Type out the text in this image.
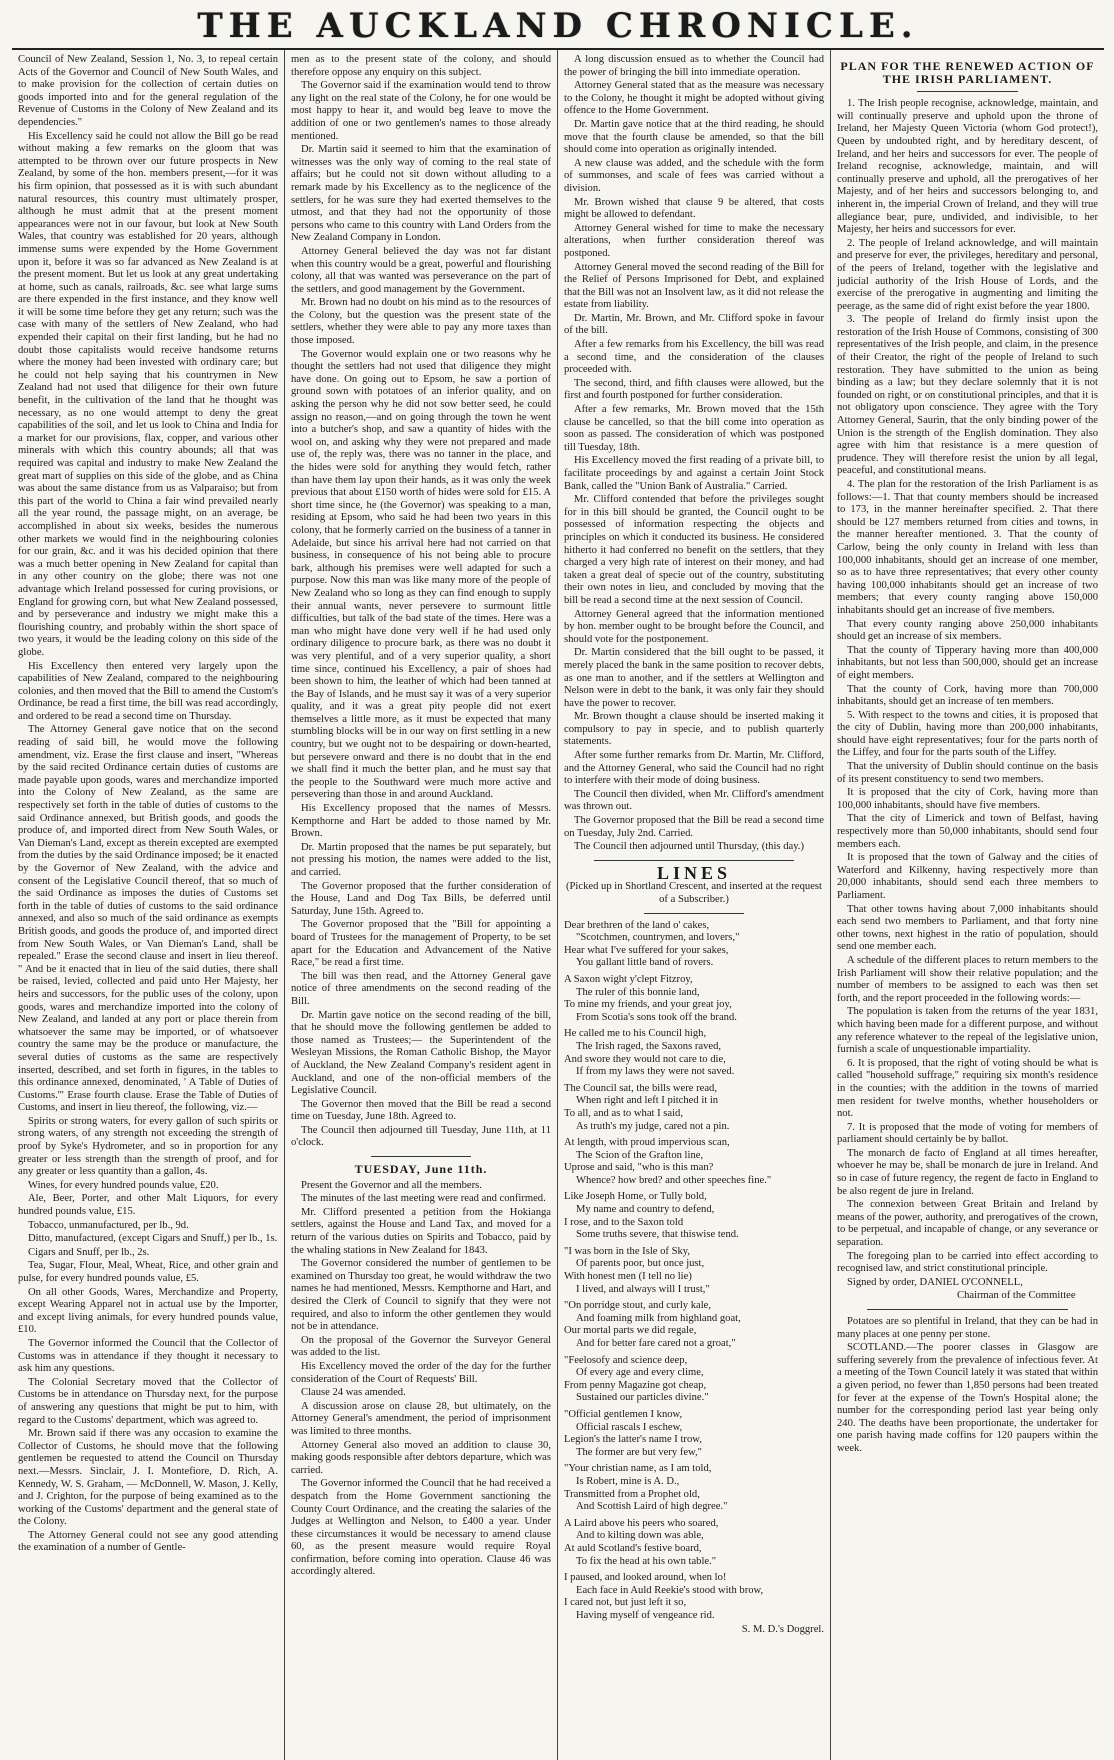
THE AUCKLAND CHRONICLE.

Council of New Zealand, Session 1, No. 3, to repeal certain Acts of the Governor and Council of New South Wales, and to make provision for the collection of certain duties on goods imported into and for the general regulation of the Revenue of Customs in the Colony of New Zealand and its dependencies."

His Excellency said he could not allow the Bill go be read without making a few remarks on the gloom that was attempted to be thrown over our future prospects in New Zealand, by some of the hon. members present,—for it was his firm opinion, that possessed as it is with such abundant natural resources, this country must ultimately prosper, although he must admit that at the present moment appearances were not in our favour, but look at New South Wales, that country was established for 20 years, although immense sums were expended by the Home Government upon it, before it was so far advanced as New Zealand is at the present moment. But let us look at any great undertaking at home, such as canals, railroads, &c. see what large sums are there expended in the first instance, and they know well it will be some time before they get any return; such was the case with many of the settlers of New Zealand, who had expended their capital on their first landing, but he had no doubt those capitalists would receive handsome returns where the money had been invested with ordinary care; but he could not help saying that his countrymen in New Zealand had not used that diligence for their own future benefit, in the cultivation of the land that he thought was necessary, as no one would attempt to deny the great capabilities of the soil, and let us look to China and India for a market for our provisions, flax, copper, and various other minerals with which this country abounds; all that was required was capital and industry to make New Zealand the great mart of supplies on this side of the globe, and as China was about the same distance from us as Valparaiso; but from this part of the world to China a fair wind prevailed nearly all the year round, the passage might, on an average, be accomplished in about six weeks, besides the numerous other markets we would find in the neighbouring colonies for our grain, &c. and it was his decided opinion that there was a much better opening in New Zealand for capital than in any other country on the globe; there was not one advantage which Ireland possessed for curing provisions, or England for growing corn, but what New Zealand possessed, and by perseverance and industry we might make this a flourishing country, and probably within the short space of two years, it would be the leading colony on this side of the globe.

His Excellency then entered very largely upon the capabilities of New Zealand, compared to the neighbouring colonies, and then moved that the Bill to amend the Custom's Ordinance, be read a first time, the bill was read accordingly, and ordered to be read a second time on Thursday.

The Attorney General gave notice that on the second reading of said bill, he would move the following amendment, viz. Erase the first clause and insert, "Whereas by the said recited Ordinance certain duties of customs are made payable upon goods, wares and merchandize imported into the Colony of New Zealand, as the same are respectively set forth in the table of duties of customs to the said Ordinance annexed, but British goods, and goods the produce of, and imported direct from New South Wales, or Van Dieman's Land, except as therein excepted are exempted from the duties by the said Ordinance imposed; be it enacted by the Governor of New Zealand, with the advice and consent of the Legislative Council thereof, that so much of the said Ordinance as imposes the duties of Customs set forth in the table of duties of customs to the said ordinance annexed, and also so much of the said ordinance as exempts British goods, and goods the produce of, and imported direct from New South Wales, or Van Dieman's Land, shall be repealed." Erase the second clause and insert in lieu thereof. " And be it enacted that in lieu of the said duties, there shall be raised, levied, collected and paid unto Her Majesty, her heirs and successors, for the public uses of the colony, upon goods, wares and merchandize imported into the colony of New Zealand, and landed at any port or place therein from whatsoever the same may be imported, or of whatsoever country the same may be the produce or manufacture, the several duties of customs as the same are respectively inserted, described, and set forth in figures, in the tables to this ordinance annexed, denominated, ' A Table of Duties of Customs.'" Erase fourth clause. Erase the Table of Duties of Customs, and insert in lieu thereof, the following, viz.—

Spirits or strong waters, for every gallon of such spirits or strong waters, of any strength not exceeding the strength of proof by Syke's Hydrometer, and so in proportion for any greater or less strength than the strength of proof, and for any greater or less quantity than a gallon, 4s.

Wines, for every hundred pounds value, £20.

Ale, Beer, Porter, and other Malt Liquors, for every hundred pounds value, £15.

Tobacco, unmanufactured, per lb., 9d.

Ditto, manufactured, (except Cigars and Snuff,) per lb., 1s.

Cigars and Snuff, per lb., 2s.

Tea, Sugar, Flour, Meal, Wheat, Rice, and other grain and pulse, for every hundred pounds value, £5.

On all other Goods, Wares, Merchandize and Property, except Wearing Apparel not in actual use by the Importer, and except living animals, for every hundred pounds value, £10.

The Governor informed the Council that the Collector of Customs was in attendance if they thought it necessary to ask him any questions.

The Colonial Secretary moved that the Collector of Customs be in attendance on Thursday next, for the purpose of answering any questions that might be put to him, with regard to the Customs' department, which was agreed to.

Mr. Brown said if there was any occasion to examine the Collector of Customs, he should move that the following gentlemen be requested to attend the Council on Thursday next.—Messrs. Sinclair, J. I. Montefiore, D. Rich, A. Kennedy, W. S. Graham, — McDonnell, W. Mason, J. Kelly, and J. Crighton, for the purpose of being examined as to the working of the Customs' department and the general state of the Colony.

The Attorney General could not see any good attending the examination of a number of Gentle-

men as to the present state of the colony, and should therefore oppose any enquiry on this subject.

The Governor said if the examination would tend to throw any light on the real state of the Colony, he for one would be most happy to hear it, and would beg leave to move the addition of one or two gentlemen's names to those already mentioned.

Dr. Martin said it seemed to him that the examination of witnesses was the only way of coming to the real state of affairs; but he could not sit down without alluding to a remark made by his Excellency as to the neglicence of the settlers, for he was sure they had exerted themselves to the utmost, and that they had not the opportunity of those persons who came to this country with Land Orders from the New Zealand Company in London.

Attorney General believed the day was not far distant when this country would be a great, powerful and flourishing colony, all that was wanted was perseverance on the part of the settlers, and good management by the Government.

Mr. Brown had no doubt on his mind as to the resources of the Colony, but the question was the present state of the settlers, whether they were able to pay any more taxes than those imposed.

The Governor would explain one or two reasons why he thought the settlers had not used that diligence they might have done. On going out to Epsom, he saw a portion of ground sown with potatoes of an inferior quality, and on asking the person why he did not sow better seed, he could assign no reason,—and on going through the town he went into a butcher's shop, and saw a quantity of hides with the wool on, and asking why they were not prepared and made use of, the reply was, there was no tanner in the place, and the hides were sold for anything they would fetch, rather than have them lay upon their hands, as it was only the week previous that about £150 worth of hides were sold for £15. A short time since, he (the Governor) was speaking to a man, residing at Epsom, who said he had been two years in this colony, that he formerly carried on the business of a tanner in Adelaide, but since his arrival here had not carried on that business, in consequence of his not being able to procure bark, although his premises were well adapted for such a purpose. Now this man was like many more of the people of New Zealand who so long as they can find enough to supply their annual wants, never persevere to surmount little difficulties, but talk of the bad state of the times. Here was a man who might have done very well if he had used only ordinary diligence to procure bark, as there was no doubt it was very plentiful, and of a very superior quality, a short time since, continued his Excellency, a pair of shoes had been shown to him, the leather of which had been tanned at the Bay of Islands, and he must say it was of a very superior quality, and it was a great pity people did not exert themselves a little more, as it must be expected that many stumbling blocks will be in our way on first settling in a new country, but we ought not to be despairing or down-hearted, but persevere onward and there is no doubt that in the end we shall find it much the better plan, and he must say that the people to the Southward were much more active and persevering than those in and around Auckland.

His Excellency proposed that the names of Messrs. Kempthorne and Hart be added to those named by Mr. Brown.

Dr. Martin proposed that the names be put separately, but not pressing his motion, the names were added to the list, and carried.

The Governor proposed that the further consideration of the House, Land and Dog Tax Bills, be deferred until Saturday, June 15th. Agreed to.

The Governor proposed that the "Bill for appointing a board of Trustees for the management of Property, to be set apart for the Education and Advancement of the Native Race," be read a first time.

The bill was then read, and the Attorney General gave notice of three amendments on the second reading of the Bill.

Dr. Martin gave notice on the second reading of the bill, that he should move the following gentlemen be added to those named as Trustees;— the Superintendent of the Wesleyan Missions, the Roman Catholic Bishop, the Mayor of Auckland, the New Zealand Company's resident agent in Auckland, and one of the non-official members of the Legislative Council.

The Governor then moved that the Bill be read a second time on Tuesday, June 18th. Agreed to.

The Council then adjourned till Tuesday, June 11th, at 11 o'clock.

TUESDAY, June 11th.

Present the Governor and all the members.

The minutes of the last meeting were read and confirmed.

Mr. Clifford presented a petition from the Hokianga settlers, against the House and Land Tax, and moved for a return of the various duties on Spirits and Tobacco, paid by the whaling stations in New Zealand for 1843.

The Governor considered the number of gentlemen to be examined on Thursday too great, he would withdraw the two names he had mentioned, Messrs. Kempthorne and Hart, and desired the Clerk of Council to signify that they were not required, and also to inform the other gentlemen they would not be in attendance.

On the proposal of the Governor the Surveyor General was added to the list.

His Excellency moved the order of the day for the further consideration of the Court of Requests' Bill.

Clause 24 was amended.

A discussion arose on clause 28, but ultimately, on the Attorney General's amendment, the period of imprisonment was limited to three months.

Attorney General also moved an addition to clause 30, making goods responsible after debtors departure, which was carried.

The Governor informed the Council that he had received a despatch from the Home Government sanctioning the County Court Ordinance, and the creating the salaries of the Judges at Wellington and Nelson, to £400 a year. Under these circumstances it would be necessary to amend clause 60, as the present measure would require Royal confirmation, before coming into operation. Clause 46 was accordingly altered.

A long discussion ensued as to whether the Council had the power of bringing the bill into immediate operation.

Attorney General stated that as the measure was necessary to the Colony, he thought it might be adopted without giving offence to the Home Government.

Dr. Martin gave notice that at the third reading, he should move that the fourth clause be amended, so that the bill should come into operation as originally intended.

A new clause was added, and the schedule with the form of summonses, and scale of fees was carried without a division.

Mr. Brown wished that clause 9 be altered, that costs might be allowed to defendant.

Attorney General wished for time to make the necessary alterations, when further consideration thereof was postponed.

Attorney General moved the second reading of the Bill for the Relief of Persons Imprisoned for Debt, and explained that the Bill was not an Insolvent law, as it did not release the estate from liability.

Dr. Martin, Mr. Brown, and Mr. Clifford spoke in favour of the bill.

After a few remarks from his Excellency, the bill was read a second time, and the consideration of the clauses proceeded with.

The second, third, and fifth clauses were allowed, but the first and fourth postponed for further consideration.

After a few remarks, Mr. Brown moved that the 15th clause be cancelled, so that the bill come into operation as soon as passed. The consideration of which was postponed till Tuesday, 18th.

His Excellency moved the first reading of a private bill, to facilitate proceedings by and against a certain Joint Stock Bank, called the "Union Bank of Australia." Carried.

Mr. Clifford contended that before the privileges sought for in this bill should be granted, the Council ought to be possessed of information respecting the objects and principles on which it conducted its business. He considered hitherto it had conferred no benefit on the settlers, that they charged a very high rate of interest on their money, and had taken a great deal of specie out of the country, substituting their own notes in lieu, and concluded by moving that the bill be read a second time at the next session of Council.

Attorney General agreed that the information mentioned by hon. member ought to be brought before the Council, and should vote for the postponement.

Dr. Martin considered that the bill ought to be passed, it merely placed the bank in the same position to recover debts, as one man to another, and if the settlers at Wellington and Nelson were in debt to the bank, it was only fair they should have the power to recover.

Mr. Brown thought a clause should be inserted making it compulsory to pay in specie, and to publish quarterly statements.

After some further remarks from Dr. Martin, Mr. Clifford, and the Attorney General, who said the Council had no right to interfere with their mode of doing business.

The Council then divided, when Mr. Clifford's amendment was thrown out.

The Governor proposed that the Bill be read a second time on Tuesday, July 2nd. Carried.

The Council then adjourned until Thursday, (this day.)

LINES
(Picked up in Shortland Crescent, and inserted at the request of a Subscriber.)

Dear brethren of the land o' cakes,

"Scotchmen, countrymen, and lovers,"

Hear what I've suffered for your sakes,

You gallant little band of rovers.

A Saxon wight y'clept Fitzroy,

The ruler of this bonnie land,

To mine my friends, and your great joy,

From Scotia's sons took off the brand.

He called me to his Council high,

The Irish raged, the Saxons raved,

And swore they would not care to die,

If from my laws they were not saved.

The Council sat, the bills were read,

When right and left I pitched it in

To all, and as to what I said,

As truth's my judge, cared not a pin.

At length, with proud impervious scan,

The Scion of the Grafton line,

Uprose and said, "who is this man?

Whence? how bred? and other speeches fine."

Like Joseph Home, or Tully bold,

My name and country to defend,

I rose, and to the Saxon told

Some truths severe, that thiswise tend.

"I was born in the Isle of Sky,

Of parents poor, but once just,

With honest men (I tell no lie)

I lived, and always will I trust,"

"On porridge stout, and curly kale,

And foaming milk from highland goat,

Our mortal parts we did regale,

And for better fare cared not a groat,"

"Feelosofy and science deep,

Of every age and every clime,

From penny Magazine got cheap,

Sustained our particles divine."

"Official gentlemen I know,

Official rascals I eschew,

Legion's the latter's name I trow,

The former are but very few,"

"Your christian name, as I am told,

Is Robert, mine is A. D.,

Transmitted from a Prophet old,

And Scottish Laird of high degree."

A Laird above his peers who soared,

And to kilting down was able,

At auld Scotland's festive board,

To fix the head at his own table."

I paused, and looked around, when lo!

Each face in Auld Reekie's stood with brow,

I cared not, but just left it so,

Having myself of vengeance rid.

S. M. D.'s Doggrel.
PLAN FOR THE RENEWED ACTION OF THE IRISH PARLIAMENT.

1. The Irish people recognise, acknowledge, maintain, and will continually preserve and uphold upon the throne of Ireland, her Majesty Queen Victoria (whom God protect!), Queen by undoubted right, and by hereditary descent, of Ireland, and her heirs and successors for ever. The people of Ireland recognise, acknowledge, maintain, and will continually preserve and uphold, all the prerogatives of her Majesty, and of her heirs and successors belonging to, and inherent in, the imperial Crown of Ireland, and they will true allegiance bear, pure, undivided, and indivisible, to her Majesty, her heirs and successors for ever.

2. The people of Ireland acknowledge, and will maintain and preserve for ever, the privileges, hereditary and personal, of the peers of Ireland, together with the legislative and judicial authority of the Irish House of Lords, and the exercise of the prerogative in augmenting and limiting the peerage, as the same did of right exist before the year 1800.

3. The people of Ireland do firmly insist upon the restoration of the Irish House of Commons, consisting of 300 representatives of the Irish people, and claim, in the presence of their Creator, the right of the people of Ireland to such restoration. They have submitted to the union as being binding as a law; but they declare solemnly that it is not founded on right, or on constitutional principles, and that it is not obligatory upon conscience. They agree with the Tory Attorney General, Saurin, that the only binding power of the Union is the strength of the English domination. They also agree with him that resistance is a mere question of prudence. They will therefore resist the union by all legal, peaceful, and constitutional means.

4. The plan for the restoration of the Irish Parliament is as follows:—1. That that county members should be increased to 173, in the manner hereinafter specified. 2. That there should be 127 members returned from cities and towns, in the manner hereafter mentioned. 3. That the county of Carlow, being the only county in Ireland with less than 100,000 inhabitants, should get an increase of one member, so as to have three representatives; that every other county having 100,000 inhabitants should get an increase of two members; that every county ranging above 150,000 inhabitants should get an increase of five members.

That every county ranging above 250,000 inhabitants should get an increase of six members.

That the county of Tipperary having more than 400,000 inhabitants, but not less than 500,000, should get an increase of eight members.

That the county of Cork, having more than 700,000 inhabitants, should get an increase of ten members.

5. With respect to the towns and cities, it is proposed that the city of Dublin, having more than 200,000 inhabitants, should have eight representatives; four for the parts north of the Liffey, and four for the parts south of the Liffey.

That the university of Dublin should continue on the basis of its present constituency to send two members.

It is proposed that the city of Cork, having more than 100,000 inhabitants, should have five members.

That the city of Limerick and town of Belfast, having respectively more than 50,000 inhabitants, should send four members each.

It is proposed that the town of Galway and the cities of Waterford and Kilkenny, having respectively more than 20,000 inhabitants, should send each three members to Parliament.

That other towns having about 7,000 inhabitants should each send two members to Parliament, and that forty nine other towns, next highest in the ratio of population, should send one member each.

A schedule of the different places to return members to the Irish Parliament will show their relative population; and the number of members to be assigned to each was then set forth, and the report proceeded in the following words:—

The population is taken from the returns of the year 1831, which having been made for a different purpose, and without any reference whatever to the repeal of the legislative union, furnish a scale of unquestionable impartiality.

6. It is proposed, that the right of voting should be what is called "household suffrage," requiring six month's residence in the counties; with the addition in the towns of married men resident for twelve months, whether householders or not.

7. It is proposed that the mode of voting for members of parliament should certainly be by ballot.

The monarch de facto of England at all times hereafter, whoever he may be, shall be monarch de jure in Ireland. And so in case of future regency, the regent de facto in England to be also regent de jure in Ireland.

The connexion between Great Britain and Ireland by means of the power, authority, and prerogatives of the crown, to be perpetual, and incapable of change, or any severance or separation.

The foregoing plan to be carried into effect according to recognised law, and strict constitutional principle.

Signed by order, DANIEL O'CONNELL,

Chairman of the Committee

Potatoes are so plentiful in Ireland, that they can be had in many places at one penny per stone.

SCOTLAND.—The poorer classes in Glasgow are suffering severely from the prevalence of infectious fever. At a meeting of the Town Council lately it was stated that within a given period, no fewer than 1,850 persons had been treated for fever at the expense of the Town's Hospital alone; the number for the corresponding period last year being only 240. The deaths have been proportionate, the undertaker for one parish having made coffins for 120 paupers within the week.
